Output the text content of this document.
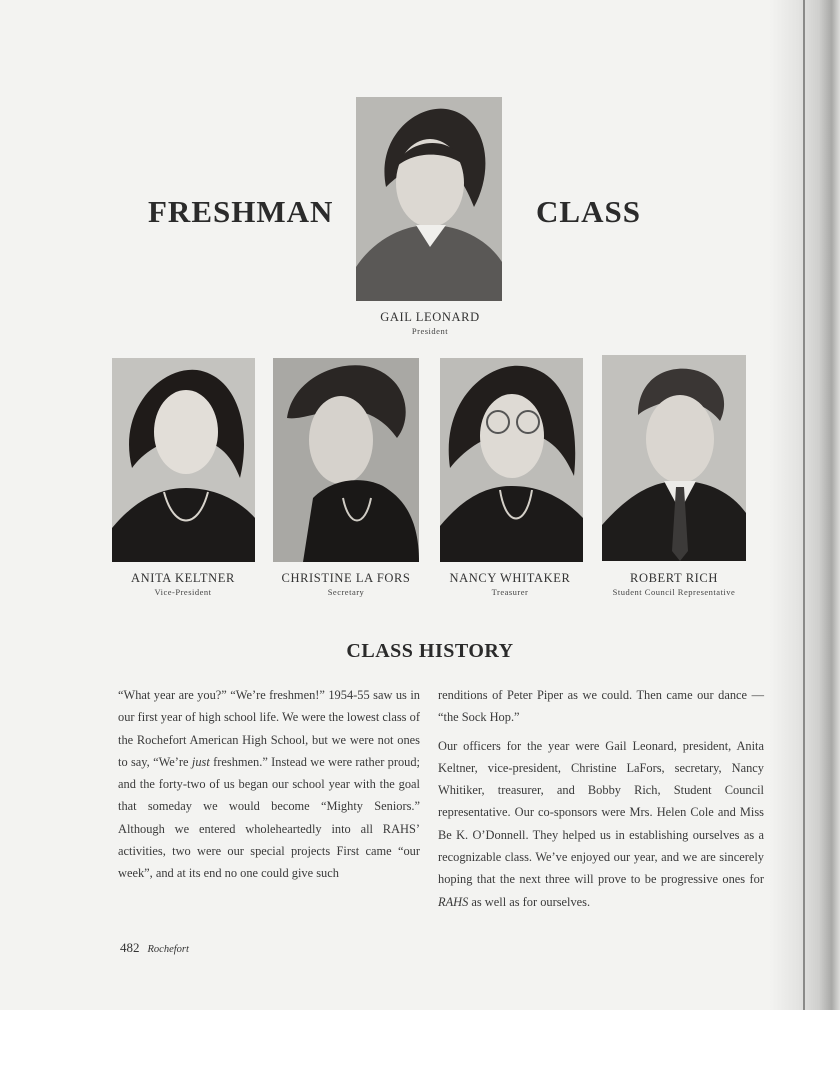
FRESHMAN	CLASS
GAIL LEONARD
President
ANITA KELTNER
Vice-President
CHRISTINE LA FORS
Secretary
NANCY WHITAKER
Treasurer
ROBERT RICH
Student Council Representative
CLASS HISTORY

“What year are you?” “We’re freshmen!” 1954-55 saw us in our first year of high school life. We were the lowest class of the Rochefort American High School, but we were not ones to say, “We’re just freshmen.” Instead we were rather proud; and the forty-two of us began our school year with the goal that someday we would become “Mighty Seniors.” Although we entered wholeheartedly into all RAHS’ activities, two were our special projects First came “our week”, and at its end no one could give such

renditions of Peter Piper as we could. Then came our dance — “the Sock Hop.”

Our officers for the year were Gail Leonard, president, Anita Keltner, vice-president, Christine LaFors, secretary, Nancy Whitiker, treasurer, and Bobby Rich, Student Council representative. Our co-sponsors were Mrs. Helen Cole and Miss Be K. O’Donnell. They helped us in establishing ourselves as a recognizable class. We’ve enjoyed our year, and we are sincerely hoping that the next three will prove to be progressive ones for RAHS as well as for ourselves.

482 Rochefort
